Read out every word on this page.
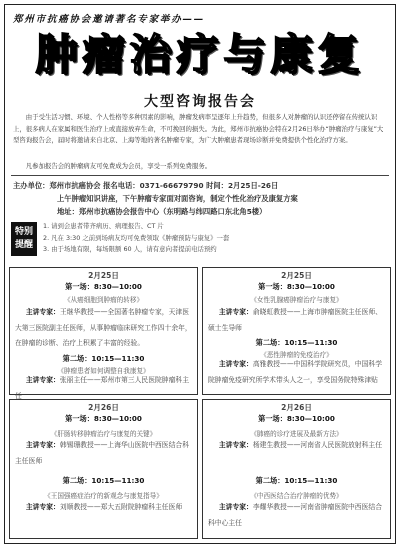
郑州市抗癌协会邀请著名专家举办——
肿瘤治疗与康复
大型咨询报告会
由于受生活习惯、环境、个人性格等多种因素的影响，肿瘤发病率呈逐年上升趋势，但很多人对肿瘤的认识还停留在传统认识上，很多病人在家属和医生治疗上或直接放弃生命，不可挽回的损失。为此，郑州市抗癌协会特在2月26日举办“肿瘤治疗与康复”大型咨询报告会，届时将邀请来自北京、上海等地的著名肿瘤专家，为广大肿瘤患者现场诊断并免费提供个性化治疗方案。
凡参加报告会的肿瘤病友可免费成为会员，享受一系列免费服务。
主办单位：郑州市抗癌协会 报名电话：0371-66679790 时间：2月25日-26日
上午肿瘤知识讲座，下午肿瘤专家面对面咨询，制定个性化治疗及康复方案
地址：郑州市抗癌协会报告中心（东明路与纬四路口东北角5楼）
特别
提醒
1. 请到会患者带齐病历、病理报告、CT 片
2. 凡在 3:30 之前到场病友均可免费领取《肿瘤预防与康复》一套
3. 由于场地有限，每场限额 60 人，请有意向者提前电话预约
2月25日
第一场：8:30—10:00
《从癌细胞到肿瘤的转移》
主讲专家：王继华教授——全国著名肿瘤专家，天津医大第三医院副主任医师，从事肿瘤临床研究工作四十余年，在肿瘤的诊断、治疗上积累了丰富的经验。
第二场：10:15—11:30
《肿瘤患者如何调整自我康复》
主讲专家：张丽主任——郑州市第三人民医院肿瘤科主任
2月25日
第一场：8:30—10:00
《女性乳腺癌肿瘤治疗与康复》
主讲专家：俞晓虹教授——上海市肿瘤医院主任医师、硕士生导师
第二场：10:15—11:30
《恶性肿瘤的免疫治疗》
主讲专家：高雅教授——中国科学院研究员，中国科学院肿瘤免疫研究所学术带头人之一，享受国务院特殊津贴
2月26日
第一场：8:30—10:00
《肝肠转移肿瘤治疗与康复的关键》
主讲专家：韩锡珊教授——上海华山医院中西医结合科主任医师
第二场：10:15—11:30
《王国强癌症治疗的新观念与康复指导》
主讲专家：刘顺教授——郑大五附院肿瘤科主任医师
2月26日
第一场：8:30—10:00
《肺癌的诊疗进展及最新方法》
主讲专家：杨建生教授——河南省人民医院放射科主任
第二场：10:15—11:30
《中西医结合治疗肿瘤的优势》
主讲专家：李耀华教授——河南省肿瘤医院中西医结合科中心主任
